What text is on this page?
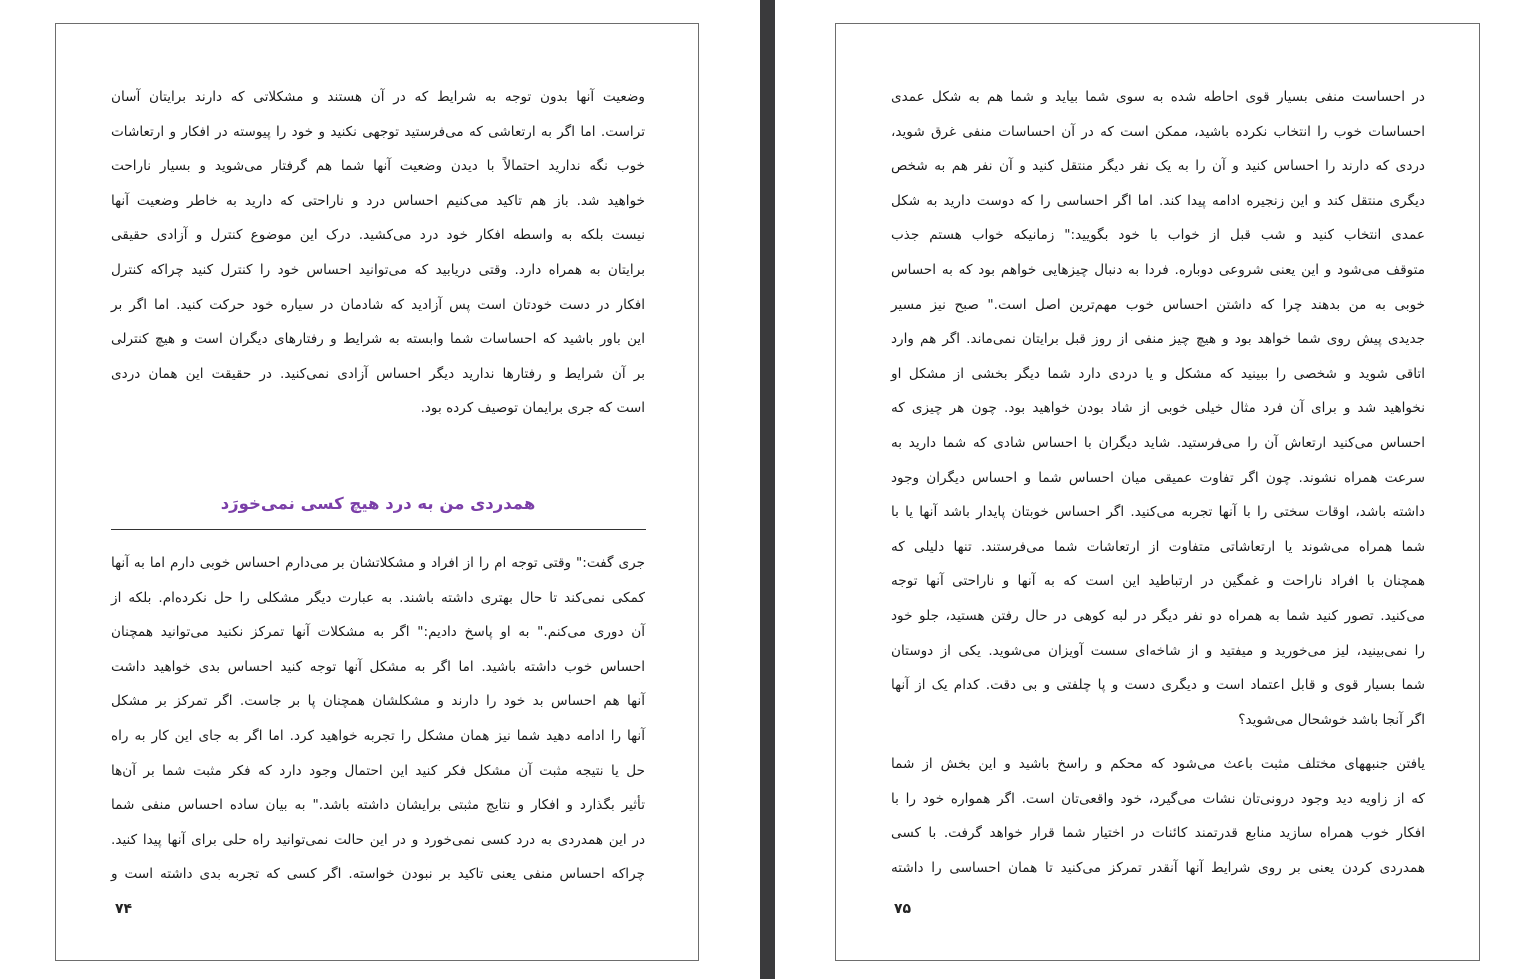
وضعیت آنها بدون توجه به شرایط که در آن هستند و مشکلاتی که دارند برایتان آسان
تراست. اما اگر به ارتعاشی که می‌فرستید توجهی نکنید و خود را پیوسته در افکار و ارتعاشات
خوب نگه ندارید احتمالاً با دیدن وضعیت آنها شما هم گرفتار می‌شوید و بسیار ناراحت
خواهید شد. باز هم تاکید می‌کنیم احساس درد و ناراحتی که دارید به خاطر وضعیت آنها
نیست بلکه به واسطه افکار خود درد می‌کشید. درک این موضوع کنترل و آزادی حقیقی
برایتان به همراه دارد. وقتی دریابید که می‌توانید احساس خود را کنترل کنید چراکه کنترل
افکار در دست خودتان است پس آزادید که شادمان در سیاره خود حرکت کنید. اما اگر بر
این باور باشید که احساسات شما وابسته به شرایط و رفتارهای دیگران است و هیچ کنترلی
بر آن شرایط و رفتارها ندارید دیگر احساس آزادی نمی‌کنید. در حقیقت این همان دردی
است که جری برایمان توصیف کرده بود.
همدردی من به درد هیچ کسی نمی‌خورَد
جری گفت:" وقتی توجه ام را از افراد و مشکلاتشان بر می‌دارم احساس خوبی دارم اما به آنها
کمکی نمی‌کند تا حال بهتری داشته باشند. به عبارت دیگر مشکلی را حل نکرده‌ام. بلکه از
آن دوری می‌کنم." به او پاسخ دادیم:" اگر به مشکلات آنها تمرکز نکنید می‌توانید همچنان
احساس خوب داشته باشید. اما اگر به مشکل آنها توجه کنید احساس بدی خواهید داشت
آنها هم احساس بد خود را دارند و مشکلشان همچنان پا بر جاست. اگر تمرکز بر مشکل
آنها را ادامه دهید شما نیز همان مشکل را تجربه خواهید کرد. اما اگر به جای این کار به راه
حل یا نتیجه مثبت آن مشکل فکر کنید این احتمال وجود دارد که فکر مثبت شما بر آن‌ها
تأثیر بگذارد و افکار و نتایج مثبتی برایشان داشته باشد." به بیان ساده احساس منفی شما
در این همدردی به درد کسی نمی‌خورد و در این حالت نمی‌توانید راه حلی برای آنها پیدا کنید.
چراکه احساس منفی یعنی تاکید بر نبودن خواسته. اگر کسی که تجربه بدی داشته است و
۷۴
در احساست منفی بسیار قوی احاطه شده به سوی شما بیاید و شما هم به شکل عمدی
احساسات خوب را انتخاب نکرده باشید، ممکن است که در آن احساسات منفی غرق شوید،
دردی که دارند را احساس کنید و آن را به یک نفر دیگر منتقل کنید و آن نفر هم به شخص
دیگری منتقل کند و این زنجیره ادامه پیدا کند. اما اگر احساسی را که دوست دارید به شکل
عمدی انتخاب کنید و شب قبل از خواب با خود بگویید:" زمانیکه خواب هستم جذب
متوقف می‌شود و این یعنی شروعی دوباره. فردا به دنبال چیزهایی خواهم بود که به احساس
خوبی به من بدهند چرا که داشتن احساس خوب مهم‌ترین اصل است." صبح نیز مسیر
جدیدی پیش روی شما خواهد بود و هیچ چیز منفی از روز قبل برایتان نمی‌ماند. اگر هم وارد
اتاقی شوید و شخصی را ببینید که مشکل و یا دردی دارد شما دیگر بخشی از مشکل او
نخواهید شد و برای آن فرد مثال خیلی خوبی از شاد بودن خواهید بود. چون هر چیزی که
احساس می‌کنید ارتعاش آن را می‌فرستید. شاید دیگران با احساس شادی که شما دارید به
سرعت همراه نشوند. چون اگر تفاوت عمیقی میان احساس شما و احساس دیگران وجود
داشته باشد، اوقات سختی را با آنها تجربه می‌کنید. اگر احساس خوبتان پایدار باشد آنها یا با
شما همراه می‌شوند یا ارتعاشاتی متفاوت از ارتعاشات شما می‌فرستند. تنها دلیلی که
همچنان با افراد ناراحت و غمگین در ارتباطید این است که به آنها و ناراحتی آنها توجه
می‌کنید. تصور کنید شما به همراه دو نفر دیگر در لبه کوهی در حال رفتن هستید، جلو خود
را نمی‌بینید، لیز می‌خورید و میفتید و از شاخه‌ای سست آویزان می‌شوید. یکی از دوستان
شما بسیار قوی و قابل اعتماد است و دیگری دست و پا چلفتی و بی دقت. کدام یک از آنها
اگر آنجا باشد خوشحال می‌شوید؟
یافتن جنبههای مختلف مثبت باعث می‌شود که محکم و راسخ باشید و این بخش از شما
که از زاویه دید وجود درونی‌تان نشات می‌گیرد، خود واقعی‌تان است. اگر همواره خود را با
افکار خوب همراه سازید منابع قدرتمند کائنات در اختیار شما قرار خواهد گرفت. با کسی
همدردی کردن یعنی بر روی شرایط آنها آنقدر تمرکز می‌کنید تا همان احساسی را داشته
۷۵
